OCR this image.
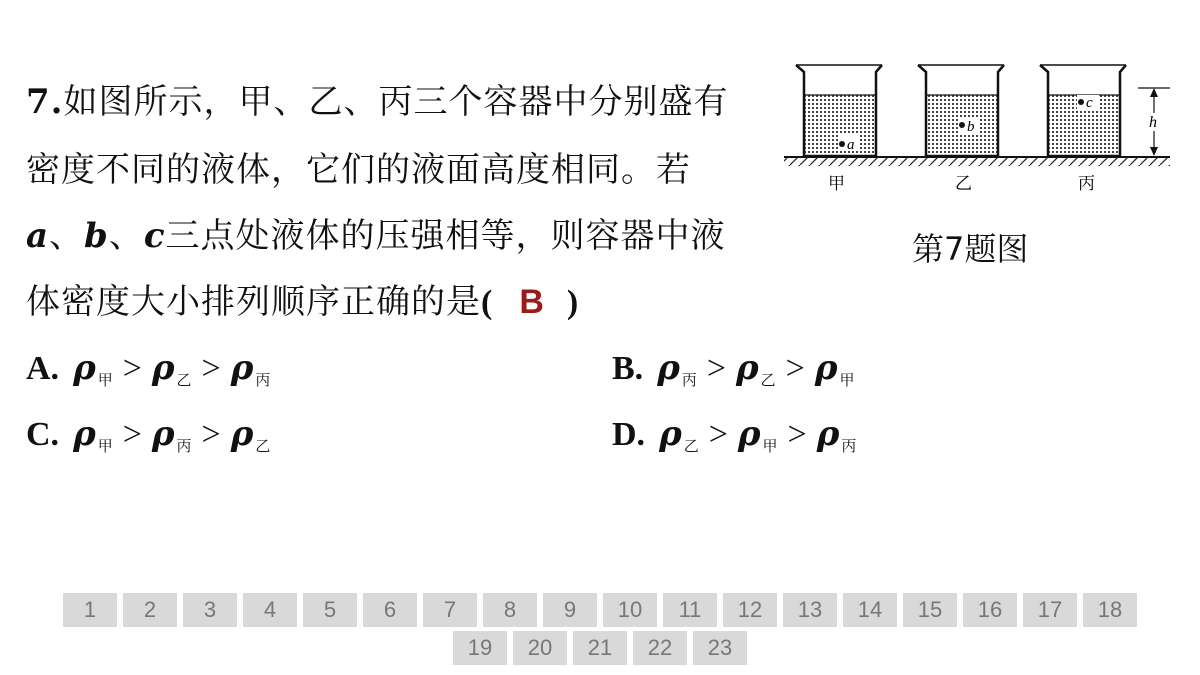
7.如图所示，甲、乙、丙三个容器中分别盛有
密度不同的液体，它们的液面高度相同。若
a、b、c三点处液体的压强相等，则容器中液
体密度大小排列顺序正确的是( B )
A. ρ $_甲$ > ρ $_乙$ > ρ $_丙$	B. ρ $_丙$ > ρ $_乙$ > ρ $_甲$
C. ρ $_甲$ > ρ $_丙$ > ρ $_乙$	D. ρ $_乙$ > ρ $_甲$ > ρ $_丙$
a
b
c
h
甲	乙	丙
第7题图
1	2	3	4	5	6	7	8	9	10	11	12	13	14	15	16	17	18
19	20	21	22	23
